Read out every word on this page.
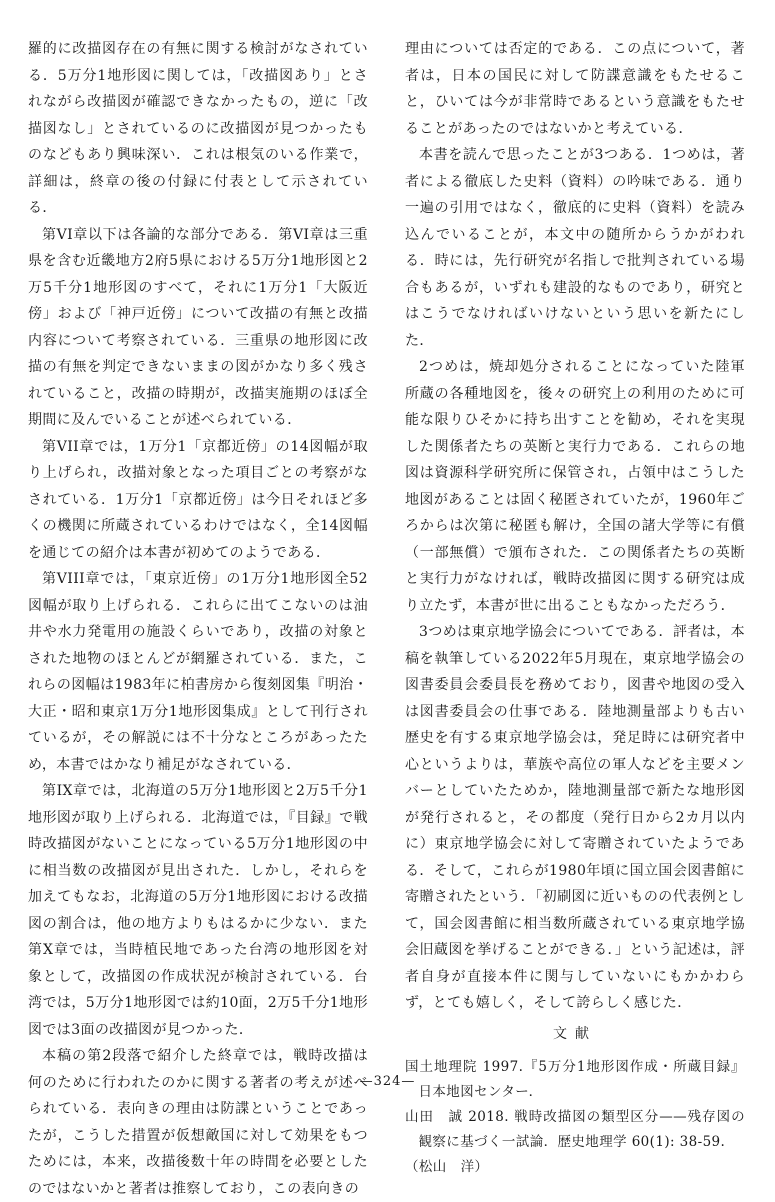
羅的に改描図存在の有無に関する検討がなされている．5万分1地形図に関しては，「改描図あり」とされながら改描図が確認できなかったもの，逆に「改描図なし」とされているのに改描図が見つかったものなどもあり興味深い．これは根気のいる作業で，詳細は，終章の後の付録に付表として示されている．

第VI章以下は各論的な部分である．第VI章は三重県を含む近畿地方2府5県における5万分1地形図と2万5千分1地形図のすべて，それに1万分1「大阪近傍」および「神戸近傍」について改描の有無と改描内容について考察されている．三重県の地形図に改描の有無を判定できないままの図がかなり多く残されていること，改描の時期が，改描実施期のほぼ全期間に及んでいることが述べられている．

第VII章では，1万分1「京都近傍」の14図幅が取り上げられ，改描対象となった項目ごとの考察がなされている．1万分1「京都近傍」は今日それほど多くの機関に所蔵されているわけではなく，全14図幅を通じての紹介は本書が初めてのようである．

第VIII章では，「東京近傍」の1万分1地形図全52図幅が取り上げられる．これらに出てこないのは油井や水力発電用の施設くらいであり，改描の対象とされた地物のほとんどが網羅されている．また，これらの図幅は1983年に柏書房から復刻図集『明治・大正・昭和東京1万分1地形図集成』として刊行されているが，その解説には不十分なところがあったため，本書ではかなり補足がなされている．

第IX章では，北海道の5万分1地形図と2万5千分1地形図が取り上げられる．北海道では，『目録』で戦時改描図がないことになっている5万分1地形図の中に相当数の改描図が見出された．しかし，それらを加えてもなお，北海道の5万分1地形図における改描図の割合は，他の地方よりもはるかに少ない．また第X章では，当時植民地であった台湾の地形図を対象として，改描図の作成状況が検討されている．台湾では，5万分1地形図では約10面，2万5千分1地形図では3面の改描図が見つかった．

本稿の第2段落で紹介した終章では，戦時改描は何のために行われたのかに関する著者の考えが述べられている．表向きの理由は防諜ということであったが，こうした措置が仮想敵国に対して効果をもつためには，本来，改描後数十年の時間を必要としたのではないかと著者は推察しており，この表向きの

理由については否定的である．この点について，著者は，日本の国民に対して防諜意識をもたせること，ひいては今が非常時であるという意識をもたせることがあったのではないかと考えている．

本書を読んで思ったことが3つある．1つめは，著者による徹底した史料（資料）の吟味である．通り一遍の引用ではなく，徹底的に史料（資料）を読み込んでいることが，本文中の随所からうかがわれる．時には，先行研究が名指しで批判されている場合もあるが，いずれも建設的なものであり，研究とはこうでなければいけないという思いを新たにした．

2つめは，焼却処分されることになっていた陸軍所蔵の各種地図を，後々の研究上の利用のために可能な限りひそかに持ち出すことを勧め，それを実現した関係者たちの英断と実行力である．これらの地図は資源科学研究所に保管され，占領中はこうした地図があることは固く秘匿されていたが，1960年ごろからは次第に秘匿も解け，全国の諸大学等に有償（一部無償）で頒布された．この関係者たちの英断と実行力がなければ，戦時改描図に関する研究は成り立たず，本書が世に出ることもなかっただろう．

3つめは東京地学協会についてである．評者は，本稿を執筆している2022年5月現在，東京地学協会の図書委員会委員長を務めており，図書や地図の受入は図書委員会の仕事である．陸地測量部よりも古い歴史を有する東京地学協会は，発足時には研究者中心というよりは，華族や高位の軍人などを主要メンバーとしていたためか，陸地測量部で新たな地形図が発行されると，その都度（発行日から2カ月以内に）東京地学協会に対して寄贈されていたようである．そして，これらが1980年頃に国立国会図書館に寄贈されたという．「初刷図に近いものの代表例として，国会図書館に相当数所蔵されている東京地学協会旧蔵図を挙げることができる．」という記述は，評者自身が直接本件に関与していないにもかかわらず，とても嬉しく，そして誇らしく感じた．

文献

国土地理院 1997.『5万分1地形図作成・所蔵目録』日本地図センター．

山田　誠 2018. 戦時改描図の類型区分——残存図の観察に基づく一試論．歴史地理学 60(1): 38-59.

（松山　洋）

—324—
